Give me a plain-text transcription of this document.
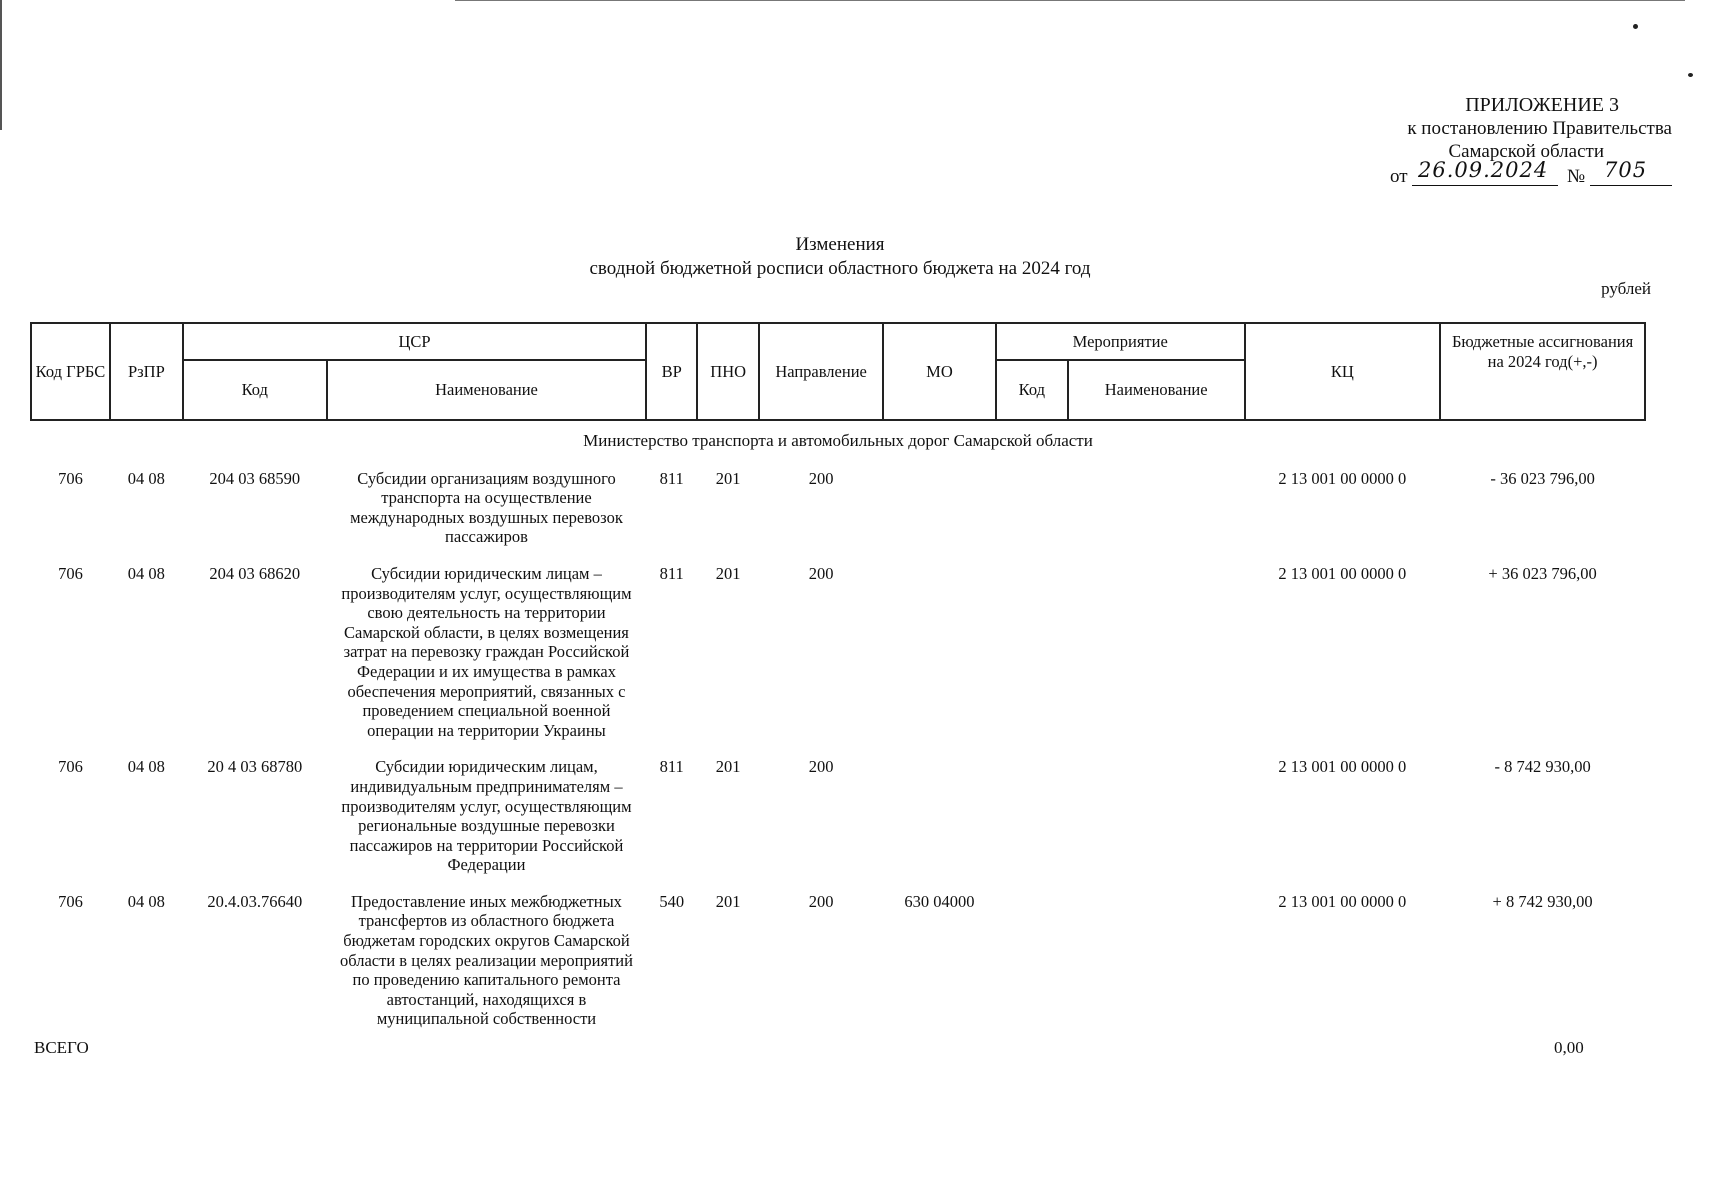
ПРИЛОЖЕНИЕ 3
к постановлению Правительства
Самарской области
от 26.09.2024 № 705
Изменения
сводной бюджетной росписи областного бюджета на 2024 год
рублей
Код ГРБС	РзПР	ЦСР		ВР	ПНО	Направление	МО	Мероприятие		КЦ	Бюджетные ассигнования на 2024 год(+,-)
		Код	Наименование					Код	Наименование		
Министерство транспорта и автомобильных дорог Самарской области											
706	04 08	204 03 68590	Субсидии организациям воздушного транспорта на осуществление международных воздушных перевозок пассажиров	811	201	200				2 13 001 00 0000 0	- 36 023 796,00
706	04 08	204 03 68620	Субсидии юридическим лицам – производителям услуг, осуществляющим свою деятельность на территории Самарской области, в целях возмещения затрат на перевозку граждан Российской Федерации и их имущества в рамках обеспечения мероприятий, связанных с проведением специальной военной операции на территории Украины	811	201	200				2 13 001 00 0000 0	+ 36 023 796,00
706	04 08	20 4 03 68780	Субсидии юридическим лицам, индивидуальным предпринимателям – производителям услуг, осуществляющим региональные воздушные перевозки пассажиров на территории Российской Федерации	811	201	200				2 13 001 00 0000 0	- 8 742 930,00
706	04 08	20.4.03.76640	Предоставление иных межбюджетных трансфертов из областного бюджета бюджетам городских округов Самарской области в целях реализации мероприятий по проведению капитального ремонта автостанций, находящихся в муниципальной собственности	540	201	200	630 04000			2 13 001 00 0000 0	+ 8 742 930,00
ВСЕГО	0,00
